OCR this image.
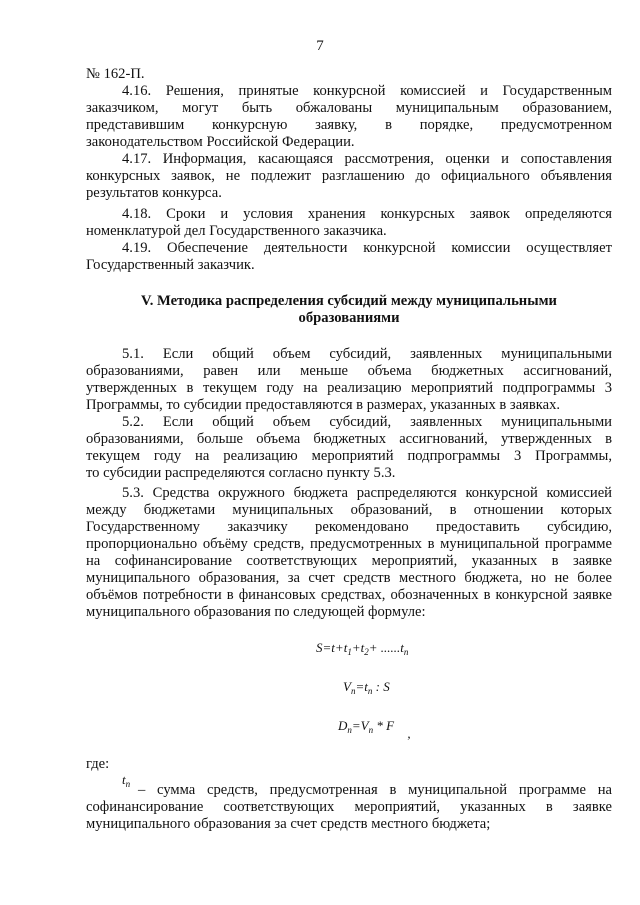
7
№ 162-П.
4.16. Решения, принятые конкурсной комиссией и Государственным
заказчиком, могут быть обжалованы муниципальным образованием,
представившим конкурсную заявку, в порядке, предусмотренном
законодательством Российской Федерации.
4.17. Информация, касающаяся рассмотрения, оценки и сопоставления
конкурсных заявок, не подлежит разглашению до официального объявления
результатов конкурса.
4.18. Сроки и условия хранения конкурсных заявок определяются
номенклатурой дел Государственного заказчика.
4.19. Обеспечение деятельности конкурсной комиссии осуществляет
Государственный заказчик.
V. Методика распределения субсидий между муниципальными
образованиями
5.1. Если общий объем субсидий, заявленных муниципальными
образованиями, равен или меньше объема бюджетных ассигнований,
утвержденных в текущем году на реализацию мероприятий подпрограммы 3
Программы, то субсидии предоставляются в размерах, указанных в заявках.
5.2. Если общий объем субсидий, заявленных муниципальными
образованиями, больше объема бюджетных ассигнований, утвержденных в
текущем году на реализацию мероприятий подпрограммы 3 Программы,
то субсидии распределяются согласно пункту 5.3.
5.3. Средства окружного бюджета распределяются конкурсной комиссией
между бюджетами муниципальных образований, в отношении которых
Государственному заказчику рекомендовано предоставить субсидию,
пропорционально объёму средств, предусмотренных в муниципальной программе
на софинансирование соответствующих мероприятий, указанных в заявке
муниципального образования, за счет средств местного бюджета, но не более
объёмов потребности в финансовых средствах, обозначенных в конкурсной заявке
муниципального образования по следующей формуле:
$S=t+t_1+t_2+ ......t_n$
$V_n=t_n$ : S
$D_n=V_n * F$ ,
где:
$t_n$ – сумма средств, предусмотренная в муниципальной программе на
софинансирование соответствующих мероприятий, указанных в заявке
муниципального образования за счет средств местного бюджета;
